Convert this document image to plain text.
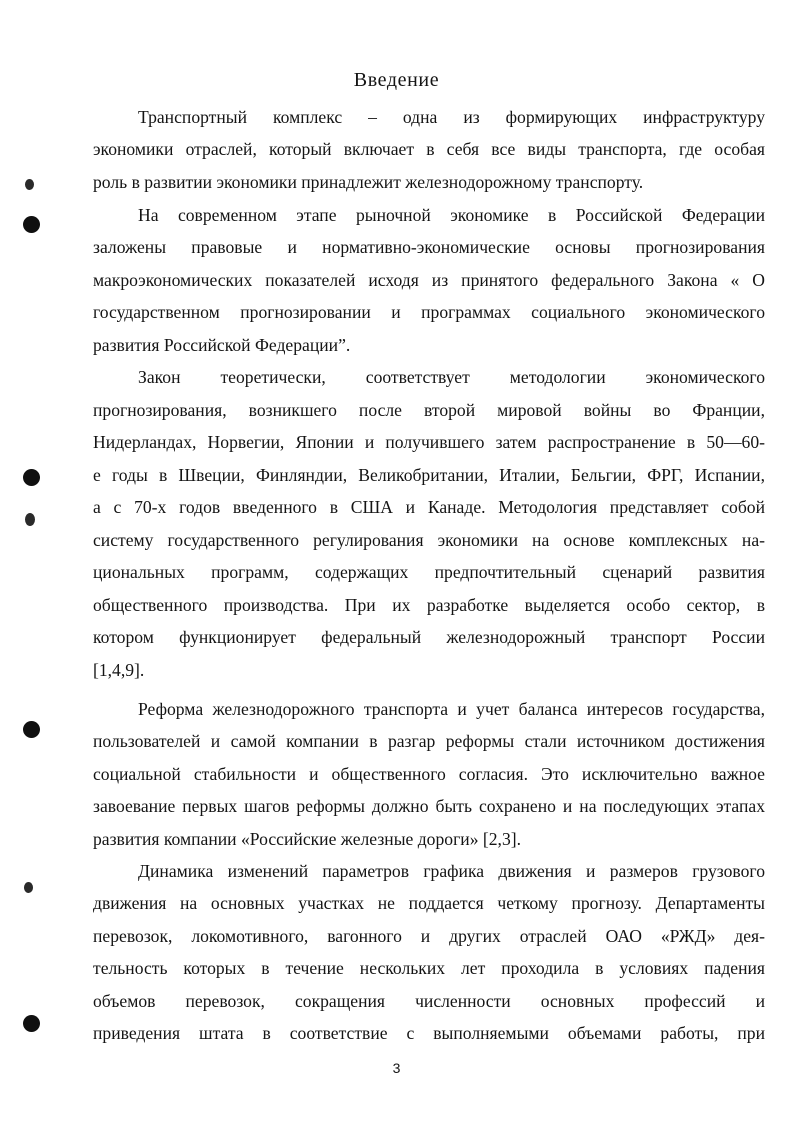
Введение
Транспортный комплекс – одна из формирующих инфраструктуру
экономики отраслей, который включает в себя все виды транспорта, где особая
роль в развитии экономики принадлежит железнодорожному транспорту.
На современном этапе рыночной экономике в Российской Федерации
заложены правовые и нормативно-экономические основы прогнозирования
макроэкономических показателей исходя из принятого федерального Закона « О
государственном прогнозировании и программах социального экономического
развития Российской Федерации”.
Закон теоретически, соответствует методологии экономического
прогнозирования, возникшего после второй мировой войны во Франции,
Нидерландах, Норвегии, Японии и получившего затем распространение в 50—60-
е годы в Швеции, Финляндии, Великобритании, Италии, Бельгии, ФРГ, Испании,
а с 70-х годов введенного в США и Канаде. Методология представляет собой
систему государственного регулирования экономики на основе комплексных на-
циональных программ, содержащих предпочтительный сценарий развития
общественного производства. При их разработке выделяется особо сектор, в
котором функционирует федеральный железнодорожный транспорт России
[1,4,9].
Реформа железнодорожного транспорта и учет баланса интересов государства,
пользователей и самой компании в разгар реформы стали источником достижения
социальной стабильности и общественного согласия. Это исключительно важное
завоевание первых шагов реформы должно быть сохранено и на последующих этапах
развития компании «Российские железные дороги» [2,3].
Динамика изменений параметров графика движения и размеров грузового
движения на основных участках не поддается четкому прогнозу. Департаменты
перевозок, локомотивного, вагонного и других отраслей ОАО «РЖД» дея-
тельность которых в течение нескольких лет проходила в условиях падения
объемов перевозок, сокращения численности основных профессий и
приведения штата в соответствие с выполняемыми объемами работы, при
3
